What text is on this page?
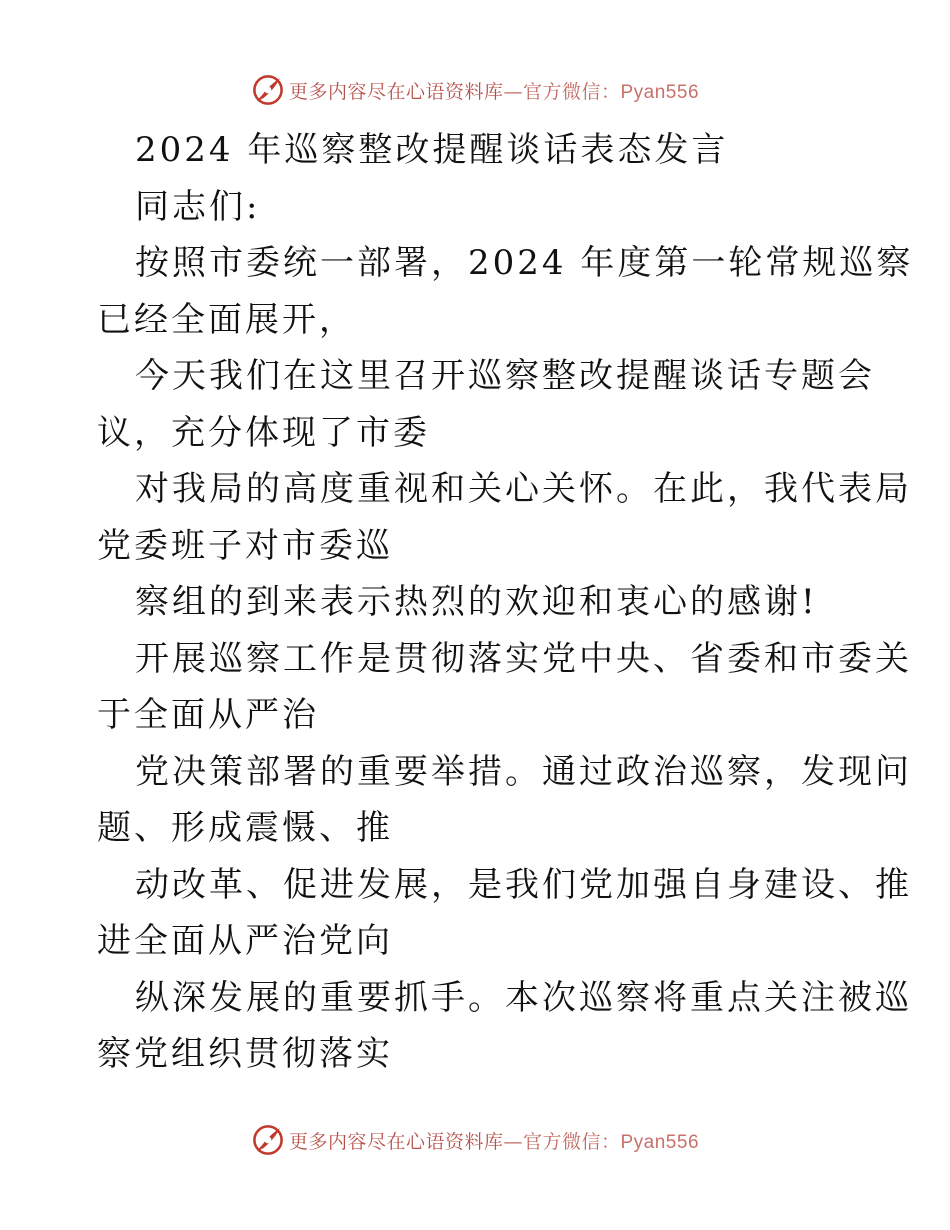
更多内容尽在心语资料库—官方微信：Pyan556
2024 年巡察整改提醒谈话表态发言
同志们:
按照市委统一部署，2024 年度第一轮常规巡察
已经全面展开，
今天我们在这里召开巡察整改提醒谈话专题会
议，充分体现了市委
对我局的高度重视和关心关怀。在此，我代表局
党委班子对市委巡
察组的到来表示热烈的欢迎和衷心的感谢!
开展巡察工作是贯彻落实党中央、省委和市委关
于全面从严治
党决策部署的重要举措。通过政治巡察，发现问
题、形成震慑、推
动改革、促进发展，是我们党加强自身建设、推
进全面从严治党向
纵深发展的重要抓手。本次巡察将重点关注被巡
察党组织贯彻落实
更多内容尽在心语资料库—官方微信：Pyan556
